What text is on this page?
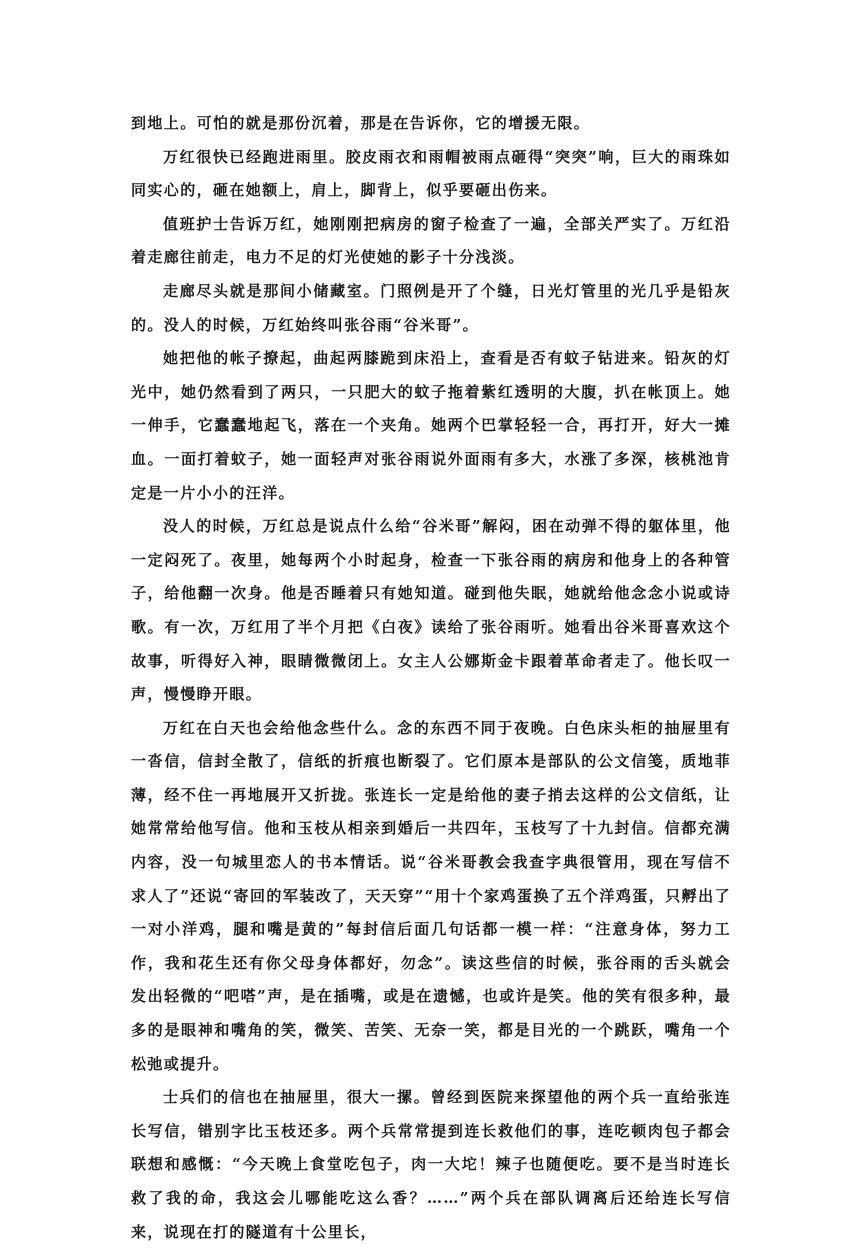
到地上。可怕的就是那份沉着，那是在告诉你，它的增援无限。

万红很快已经跑进雨里。胶皮雨衣和雨帽被雨点砸得“突突”响，巨大的雨珠如同实心的，砸在她额上，肩上，脚背上，似乎要砸出伤来。

值班护士告诉万红，她刚刚把病房的窗子检查了一遍，全部关严实了。万红沿着走廊往前走，电力不足的灯光使她的影子十分浅淡。

走廊尽头就是那间小储藏室。门照例是开了个缝，日光灯管里的光几乎是铅灰的。没人的时候，万红始终叫张谷雨“谷米哥”。

她把他的帐子撩起，曲起两膝跪到床沿上，查看是否有蚊子钻进来。铅灰的灯光中，她仍然看到了两只，一只肥大的蚊子拖着紫红透明的大腹，扒在帐顶上。她一伸手，它蠢蠢地起飞，落在一个夹角。她两个巴掌轻轻一合，再打开，好大一摊血。一面打着蚊子，她一面轻声对张谷雨说外面雨有多大，水涨了多深，核桃池肯定是一片小小的汪洋。

没人的时候，万红总是说点什么给“谷米哥”解闷，困在动弹不得的躯体里，他一定闷死了。夜里，她每两个小时起身，检查一下张谷雨的病房和他身上的各种管子，给他翻一次身。他是否睡着只有她知道。碰到他失眠，她就给他念念小说或诗歌。有一次，万红用了半个月把《白夜》读给了张谷雨听。她看出谷米哥喜欢这个故事，听得好入神，眼睛微微闭上。女主人公娜斯金卡跟着革命者走了。他长叹一声，慢慢睁开眼。

万红在白天也会给他念些什么。念的东西不同于夜晚。白色床头柜的抽屉里有一沓信，信封全散了，信纸的折痕也断裂了。它们原本是部队的公文信笺，质地菲薄，经不住一再地展开又折拢。张连长一定是给他的妻子捎去这样的公文信纸，让她常常给他写信。他和玉枝从相亲到婚后一共四年，玉枝写了十九封信。信都充满内容，没一句城里恋人的书本情话。说“谷米哥教会我查字典很管用，现在写信不求人了”还说“寄回的军装改了，天天穿”“用十个家鸡蛋换了五个洋鸡蛋，只孵出了一对小洋鸡，腿和嘴是黄的”每封信后面几句话都一模一样：“注意身体，努力工作，我和花生还有你父母身体都好，勿念”。读这些信的时候，张谷雨的舌头就会发出轻微的“吧嗒”声，是在插嘴，或是在遗憾，也或许是笑。他的笑有很多种，最多的是眼神和嘴角的笑，微笑、苦笑、无奈一笑，都是目光的一个跳跃，嘴角一个松弛或提升。

士兵们的信也在抽屉里，很大一摞。曾经到医院来探望他的两个兵一直给张连长写信，错别字比玉枝还多。两个兵常常提到连长救他们的事，连吃顿肉包子都会联想和感慨：“今天晚上食堂吃包子，肉一大坨！辣子也随便吃。要不是当时连长救了我的命，我这会儿哪能吃这么香？……”两个兵在部队调离后还给连长写信来，说现在打的隧道有十公里长，
